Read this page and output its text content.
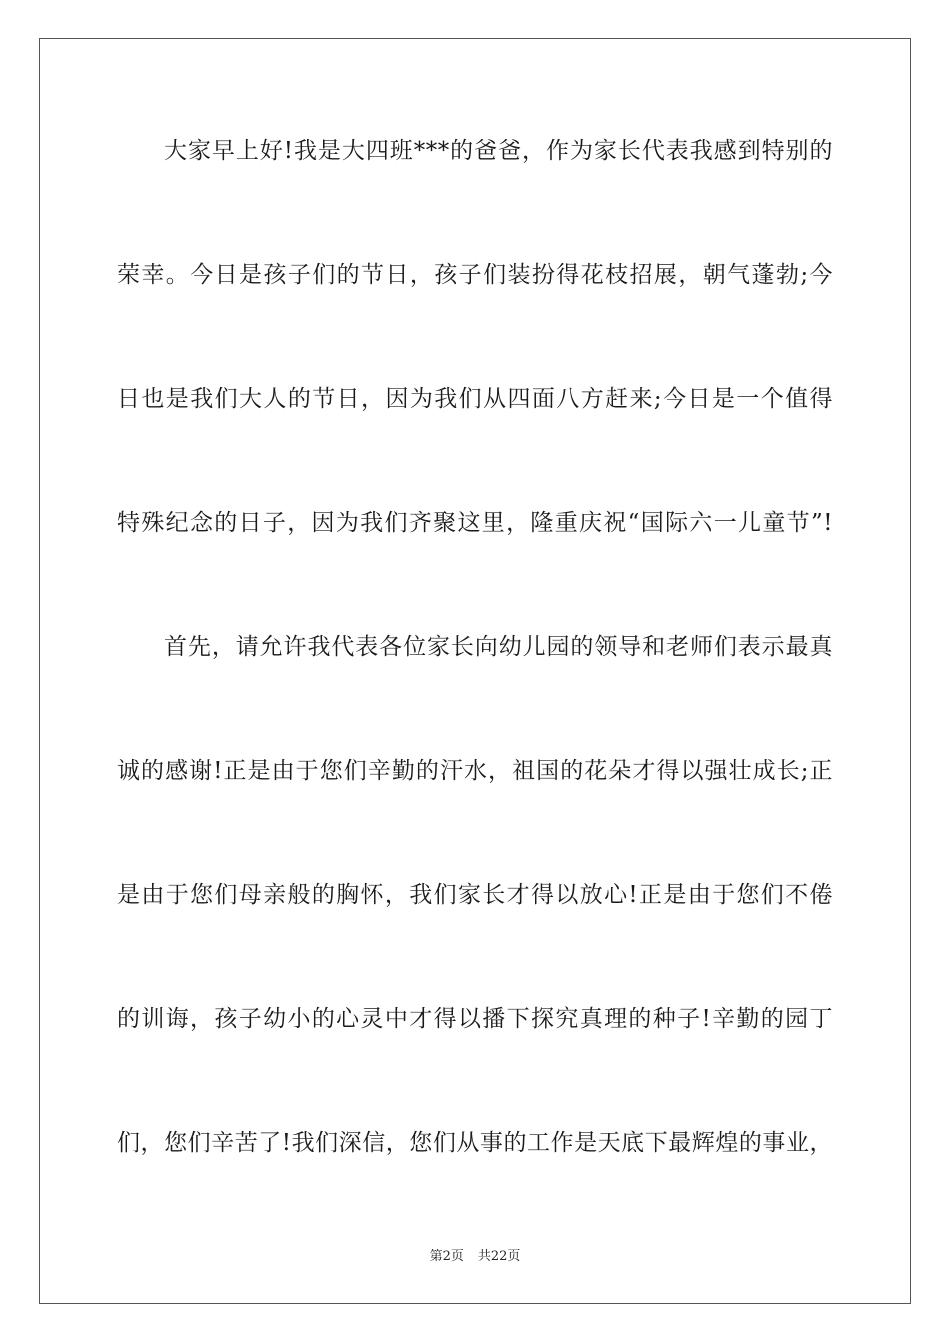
大家早上好!我是大四班***的爸爸，作为家长代表我感到特别的
荣幸。今日是孩子们的节日，孩子们装扮得花枝招展，朝气蓬勃;今
日也是我们大人的节日，因为我们从四面八方赶来;今日是一个值得
特殊纪念的日子，因为我们齐聚这里，隆重庆祝“国际六一儿童节”!
首先，请允许我代表各位家长向幼儿园的领导和老师们表示最真
诚的感谢!正是由于您们辛勤的汗水，祖国的花朵才得以强壮成长;正
是由于您们母亲般的胸怀，我们家长才得以放心!正是由于您们不倦
的训诲，孩子幼小的心灵中才得以播下探究真理的种子!辛勤的园丁
们，您们辛苦了!我们深信，您们从事的工作是天底下最辉煌的事业，
第2页 共22页
